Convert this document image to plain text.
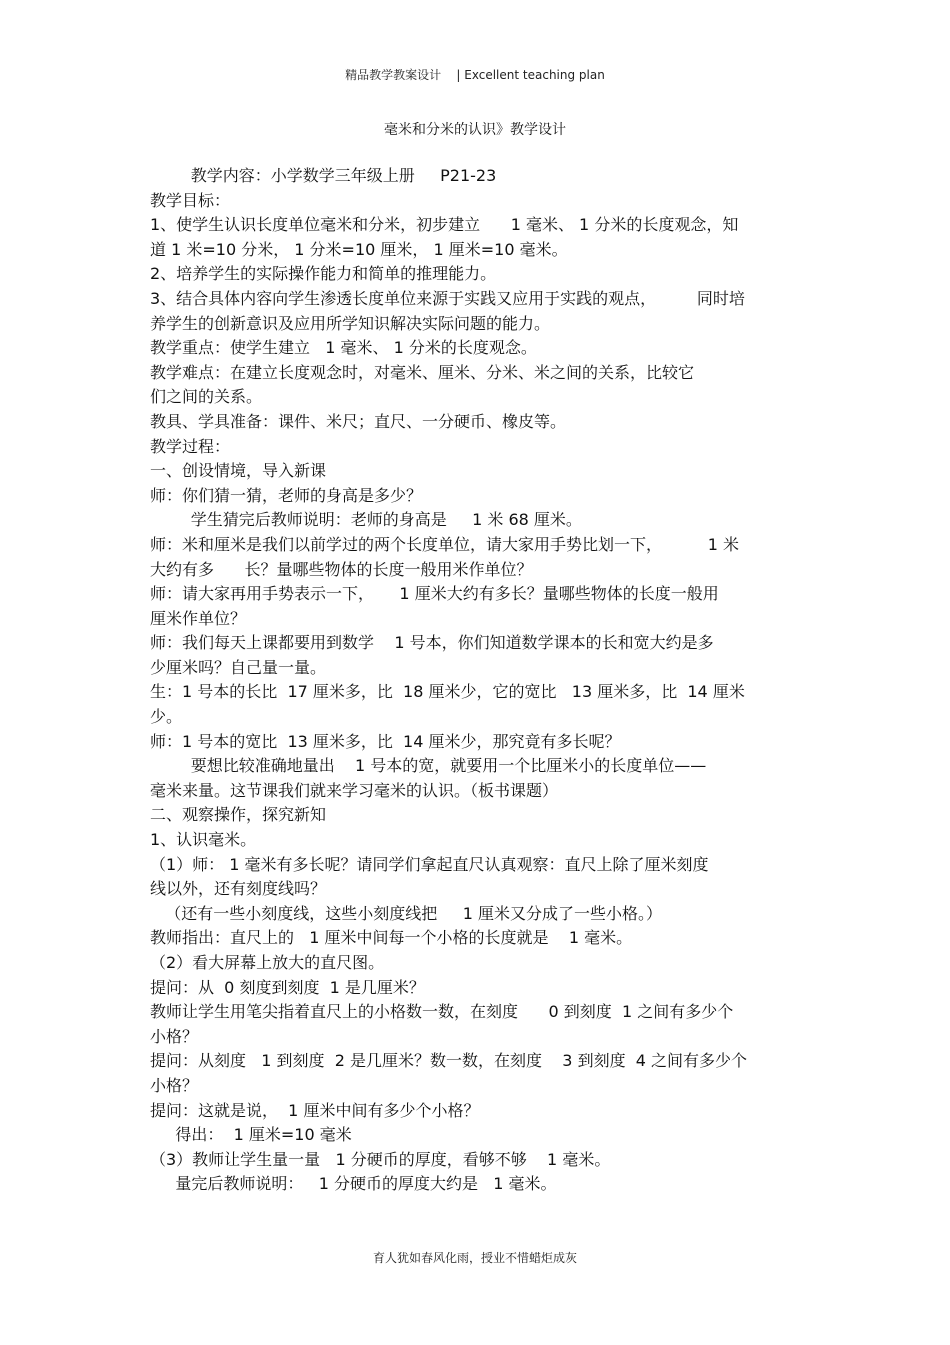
精品教学教案设计    | Excellent teaching plan
毫米和分米的认识》教学设计
教学内容：小学数学三年级上册     P21-23
教学目标：
1、使学生认识长度单位毫米和分米，初步建立      1 毫米、 1 分米的长度观念，知
道 1 米=10 分米， 1 分米=10 厘米， 1 厘米=10 毫米。
2、培养学生的实际操作能力和简单的推理能力。
3、结合具体内容向学生渗透长度单位来源于实践又应用于实践的观点，        同时培
养学生的创新意识及应用所学知识解决实际问题的能力。
教学重点：使学生建立   1 毫米、 1 分米的长度观念。
教学难点：在建立长度观念时，对毫米、厘米、分米、米之间的关系，比较它
们之间的关系。
教具、学具准备：课件、米尺；直尺、一分硬币、橡皮等。
教学过程：
一、创设情境，导入新课
师：你们猜一猜，老师的身高是多少？
学生猜完后教师说明：老师的身高是     1 米 68 厘米。
师：米和厘米是我们以前学过的两个长度单位，请大家用手势比划一下，         1 米
大约有多      长？量哪些物体的长度一般用米作单位？
师：请大家再用手势表示一下，     1 厘米大约有多长？量哪些物体的长度一般用
厘米作单位？
师：我们每天上课都要用到数学    1 号本，你们知道数学课本的长和宽大约是多
少厘米吗？自己量一量。
生：1 号本的长比  17 厘米多，比  18 厘米少，它的宽比   13 厘米多，比  14 厘米
少。
师：1 号本的宽比  13 厘米多，比  14 厘米少，那究竟有多长呢？
要想比较准确地量出    1 号本的宽，就要用一个比厘米小的长度单位——
毫米来量。这节课我们就来学习毫米的认识。（板书课题）
二、观察操作，探究新知
1、认识毫米。
（1）师： 1 毫米有多长呢？请同学们拿起直尺认真观察：直尺上除了厘米刻度
线以外，还有刻度线吗？
（还有一些小刻度线，这些小刻度线把     1 厘米又分成了一些小格。）
教师指出：直尺上的   1 厘米中间每一个小格的长度就是    1 毫米。
（2）看大屏幕上放大的直尺图。
提问：从  0 刻度到刻度  1 是几厘米？
教师让学生用笔尖指着直尺上的小格数一数，在刻度      0 到刻度  1 之间有多少个
小格？
提问：从刻度   1 到刻度  2 是几厘米？数一数，在刻度    3 到刻度  4 之间有多少个
小格？
提问：这就是说，  1 厘米中间有多少个小格？
得出：  1 厘米=10 毫米
（3）教师让学生量一量   1 分硬币的厚度，看够不够    1 毫米。
量完后教师说明：   1 分硬币的厚度大约是   1 毫米。
育人犹如春风化雨，授业不惜蜡炬成灰
